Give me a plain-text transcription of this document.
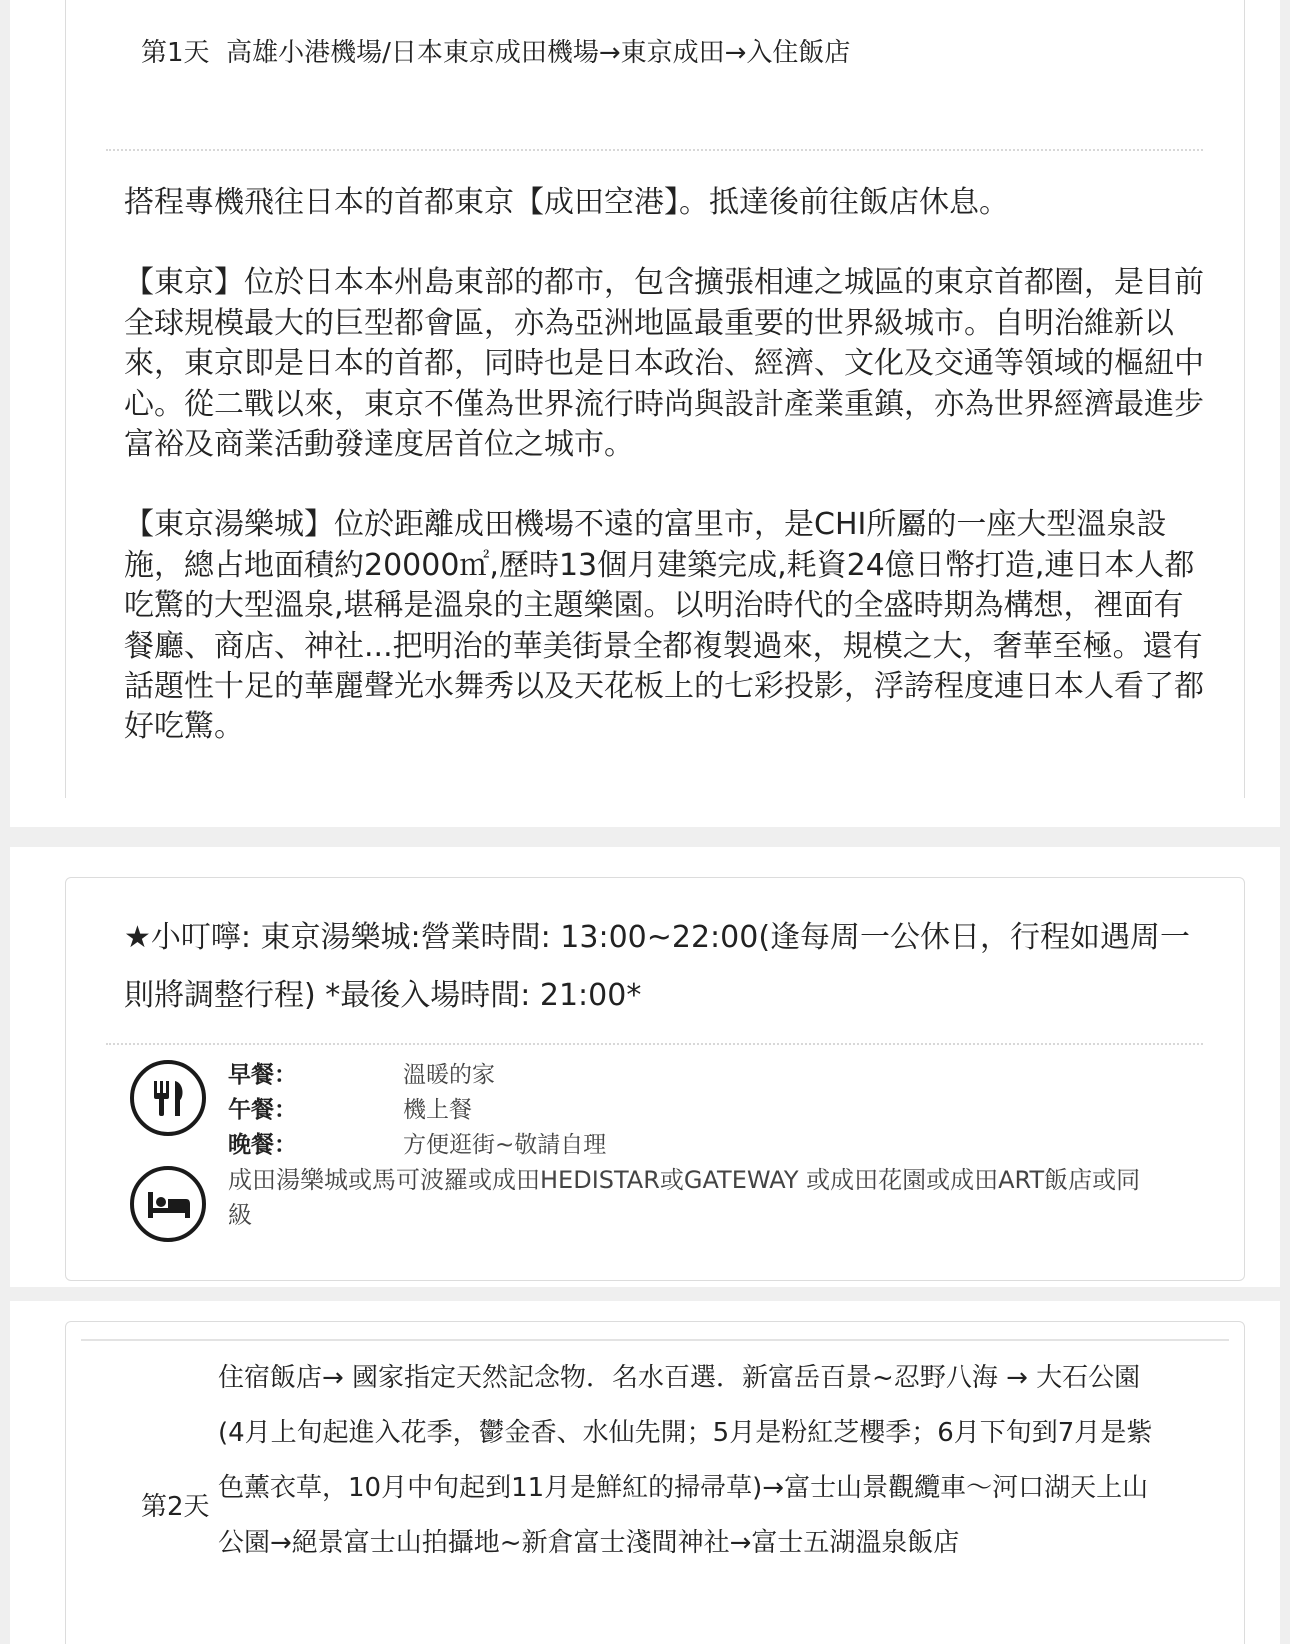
第1天 高雄小港機場/日本東京成田機場→東京成田→入住飯店

搭程專機飛往日本的首都東京【成田空港】。抵達後前往飯店休息。

【東京】位於日本本州島東部的都市，包含擴張相連之城區的東京首都圈，是目前全球規模最大的巨型都會區，亦為亞洲地區最重要的世界級城市。自明治維新以來，東京即是日本的首都，同時也是日本政治、經濟、文化及交通等領域的樞紐中心。從二戰以來，東京不僅為世界流行時尚與設計產業重鎮，亦為世界經濟最進步富裕及商業活動發達度居首位之城市。

【東京湯樂城】位於距離成田機場不遠的富里市，是CHI所屬的一座大型溫泉設施，總占地面積約20000㎡,歷時13個月建築完成,耗資24億日幣打造,連日本人都吃驚的大型溫泉,堪稱是溫泉的主題樂園。以明治時代的全盛時期為構想，裡面有餐廳、商店、神社...把明治的華美街景全都複製過來，規模之大，奢華至極。還有話題性十足的華麗聲光水舞秀以及天花板上的七彩投影，浮誇程度連日本人看了都好吃驚。

★小叮嚀: 東京湯樂城:營業時間: 13:00~22:00(逢每周一公休日，行程如遇周一則將調整行程) *最後入場時間: 21:00*
早餐：	溫暖的家
午餐：	機上餐
晚餐：	方便逛街~敬請自理
成田湯樂城或馬可波羅或成田HEDISTAR或GATEWAY 或成田花園或成田ART飯店或同級
第2天
住宿飯店→ 國家指定天然記念物．名水百選．新富岳百景~忍野八海 → 大石公園(4月上旬起進入花季，鬱金香、水仙先開；5月是粉紅芝櫻季；6月下旬到7月是紫色薰衣草，10月中旬起到11月是鮮紅的掃帚草)→富士山景觀纜車～河口湖天上山公園→絕景富士山拍攝地~新倉富士淺間神社→富士五湖溫泉飯店
